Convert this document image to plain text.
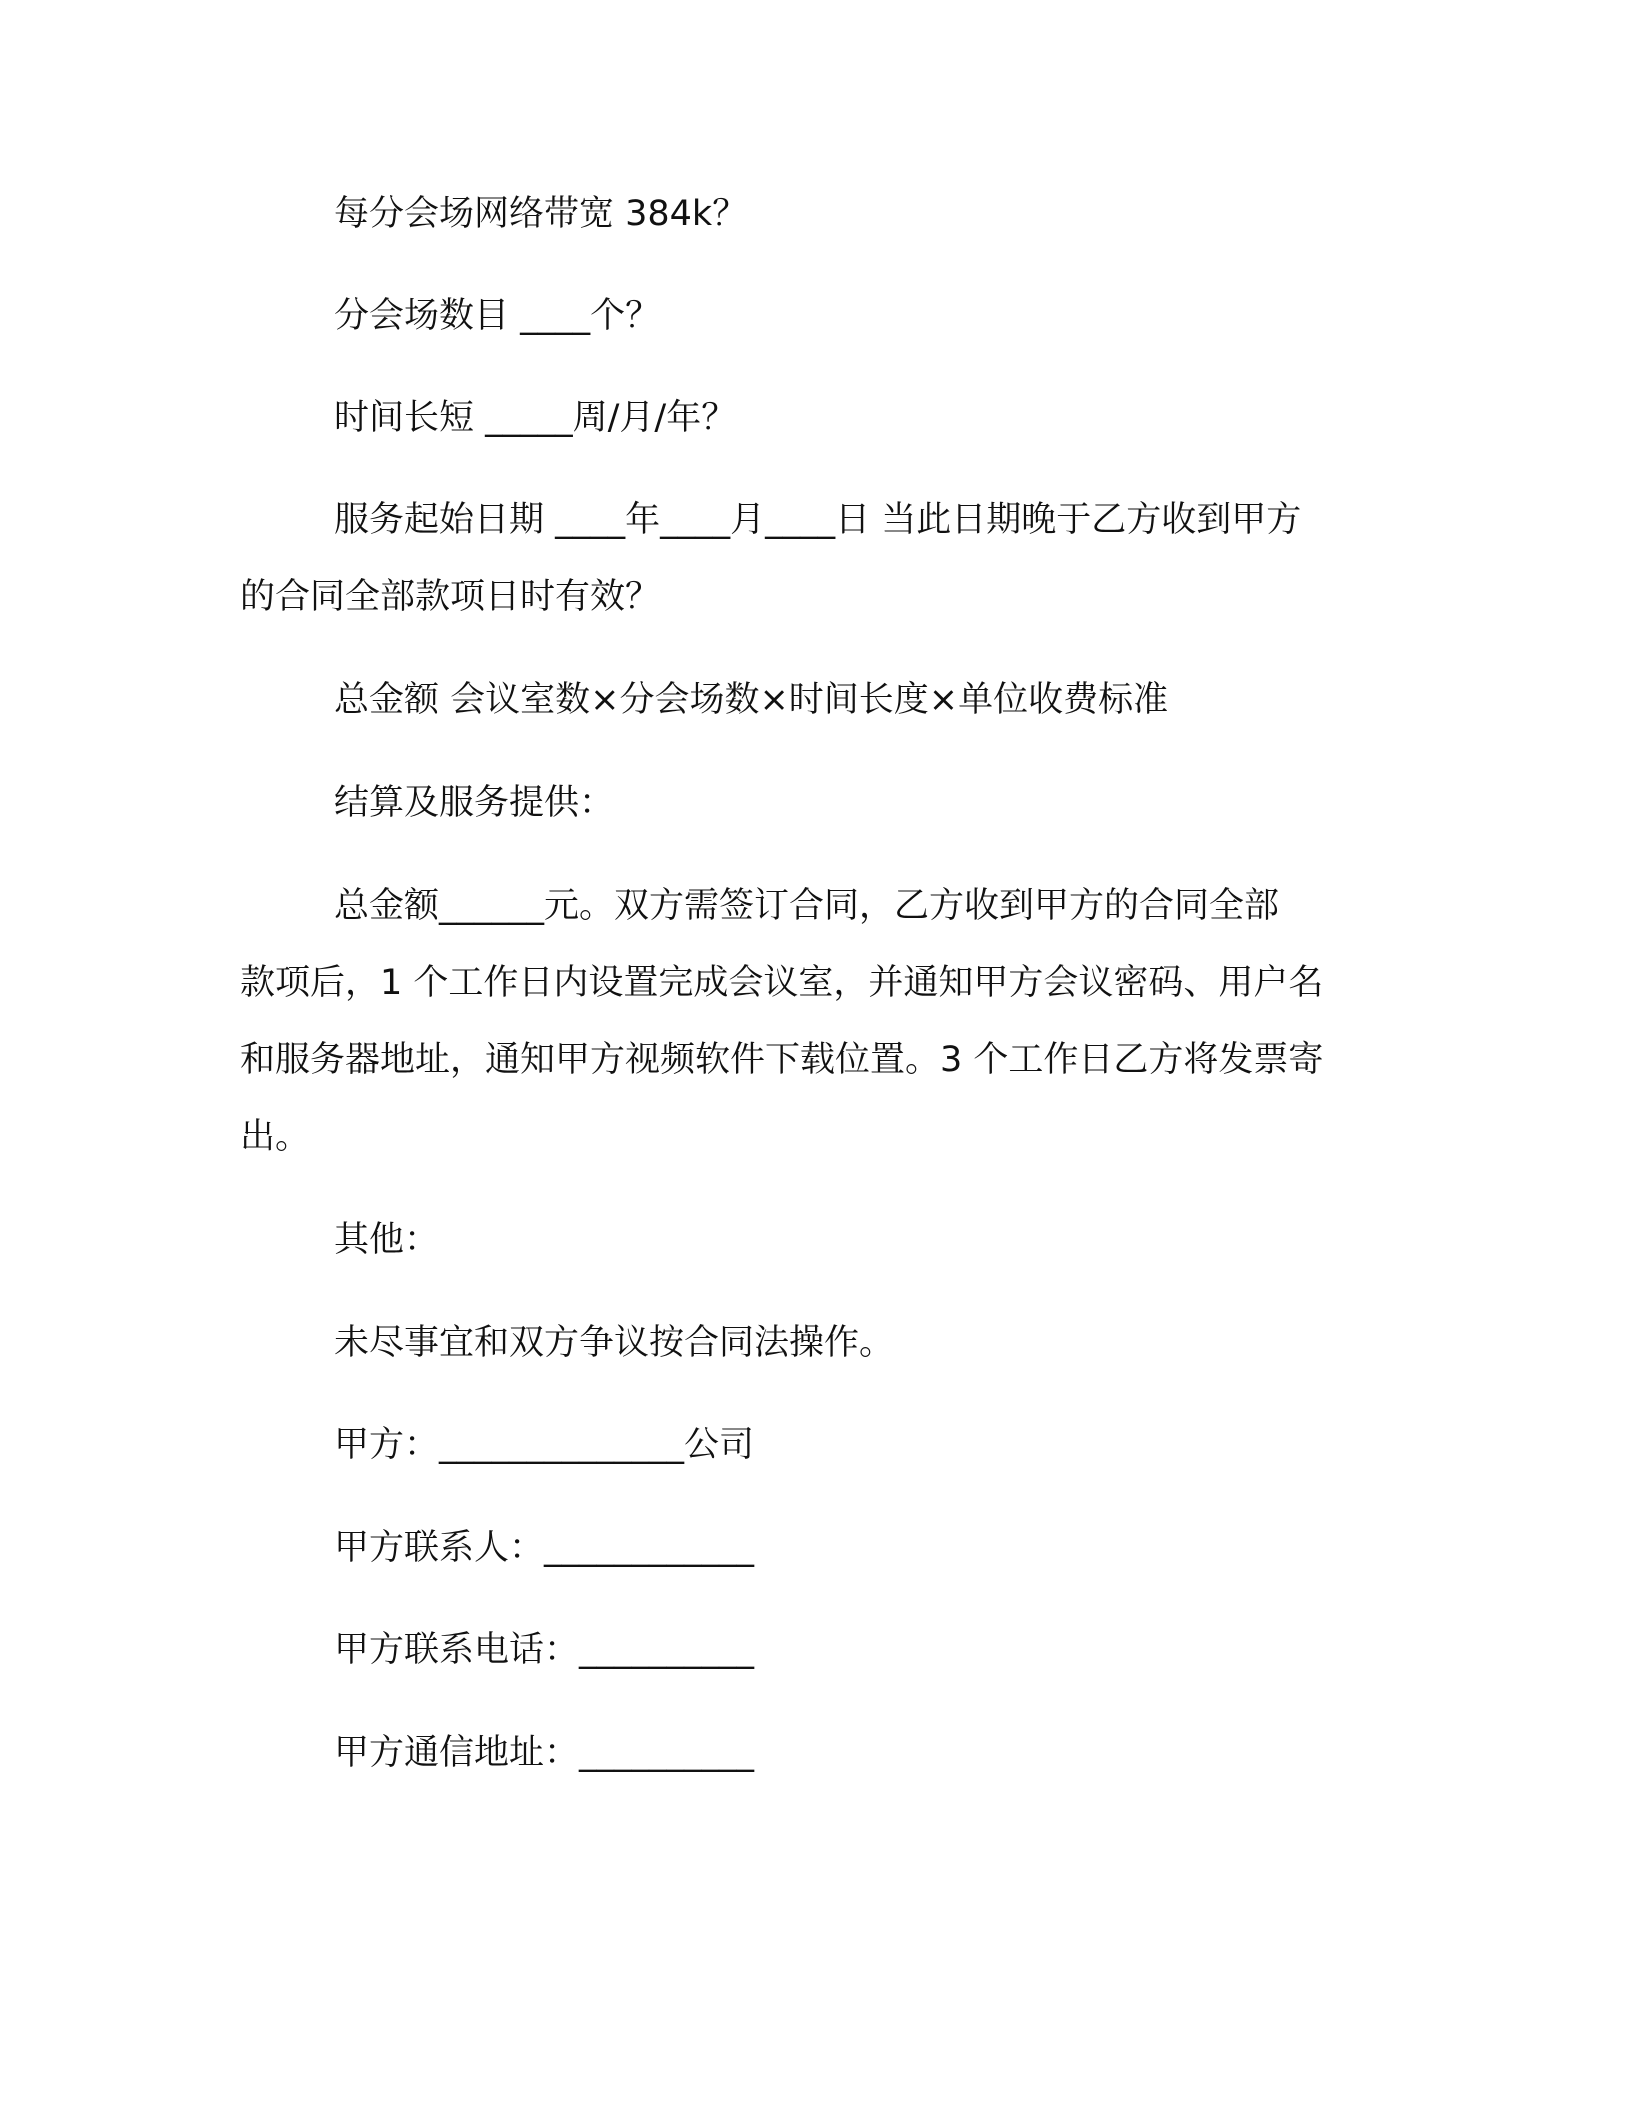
每分会场网络带宽 384k？
分会场数目 ____个？
时间长短 _____周/月/年？
服务起始日期 ____年____月____日 当此日期晚于乙方收到甲方
的合同全部款项日时有效？
总金额 会议室数×分会场数×时间长度×单位收费标准
结算及服务提供：
总金额______元。双方需签订合同，乙方收到甲方的合同全部
款项后，1 个工作日内设置完成会议室，并通知甲方会议密码、用户名
和服务器地址，通知甲方视频软件下载位置。3 个工作日乙方将发票寄
出。
其他：
未尽事宜和双方争议按合同法操作。
甲方：______________公司
甲方联系人：____________
甲方联系电话：__________
甲方通信地址：__________
